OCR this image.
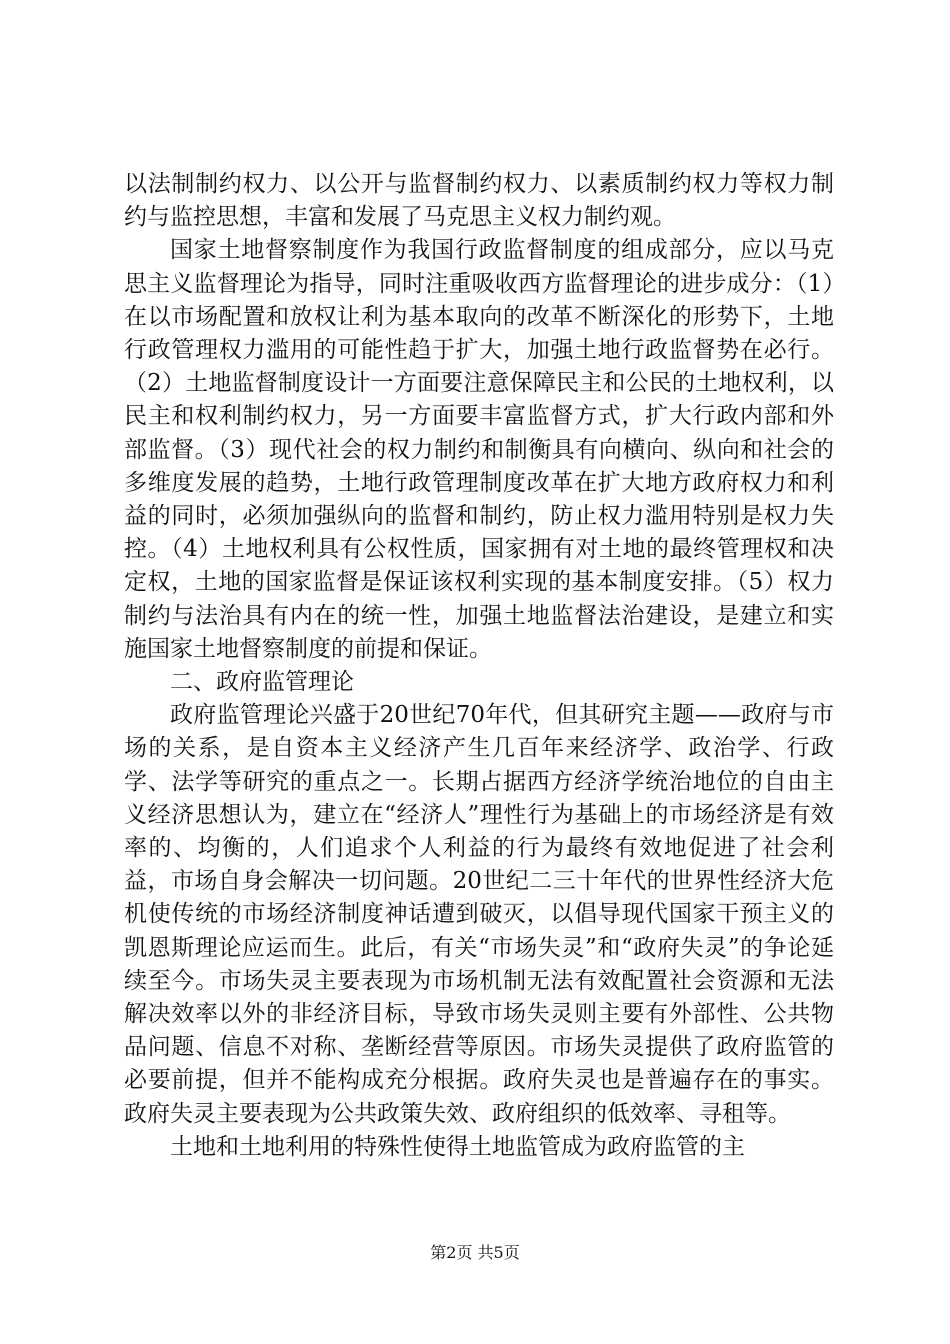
以法制制约权力、以公开与监督制约权力、以素质制约权力等权力制约与监控思想，丰富和发展了马克思主义权力制约观。

国家土地督察制度作为我国行政监督制度的组成部分，应以马克思主义监督理论为指导，同时注重吸收西方监督理论的进步成分：（1）在以市场配置和放权让利为基本取向的改革不断深化的形势下，土地行政管理权力滥用的可能性趋于扩大，加强土地行政监督势在必行。（2）土地监督制度设计一方面要注意保障民主和公民的土地权利，以民主和权利制约权力，另一方面要丰富监督方式，扩大行政内部和外部监督。（3）现代社会的权力制约和制衡具有向横向、纵向和社会的多维度发展的趋势，土地行政管理制度改革在扩大地方政府权力和利益的同时，必须加强纵向的监督和制约，防止权力滥用特别是权力失控。（4）土地权利具有公权性质，国家拥有对土地的最终管理权和决定权，土地的国家监督是保证该权利实现的基本制度安排。（5）权力制约与法治具有内在的统一性，加强土地监督法治建设，是建立和实施国家土地督察制度的前提和保证。

二、政府监管理论

政府监管理论兴盛于20世纪70年代，但其研究主题——政府与市场的关系，是自资本主义经济产生几百年来经济学、政治学、行政学、法学等研究的重点之一。长期占据西方经济学统治地位的自由主义经济思想认为，建立在“经济人”理性行为基础上的市场经济是有效率的、均衡的，人们追求个人利益的行为最终有效地促进了社会利益，市场自身会解决一切问题。20世纪二三十年代的世界性经济大危机使传统的市场经济制度神话遭到破灭，以倡导现代国家干预主义的凯恩斯理论应运而生。此后，有关“市场失灵”和“政府失灵”的争论延续至今。市场失灵主要表现为市场机制无法有效配置社会资源和无法解决效率以外的非经济目标，导致市场失灵则主要有外部性、公共物品问题、信息不对称、垄断经营等原因。市场失灵提供了政府监管的必要前提，但并不能构成充分根据。政府失灵也是普遍存在的事实。政府失灵主要表现为公共政策失效、政府组织的低效率、寻租等。

土地和土地利用的特殊性使得土地监管成为政府监管的主

第2页 共5页
